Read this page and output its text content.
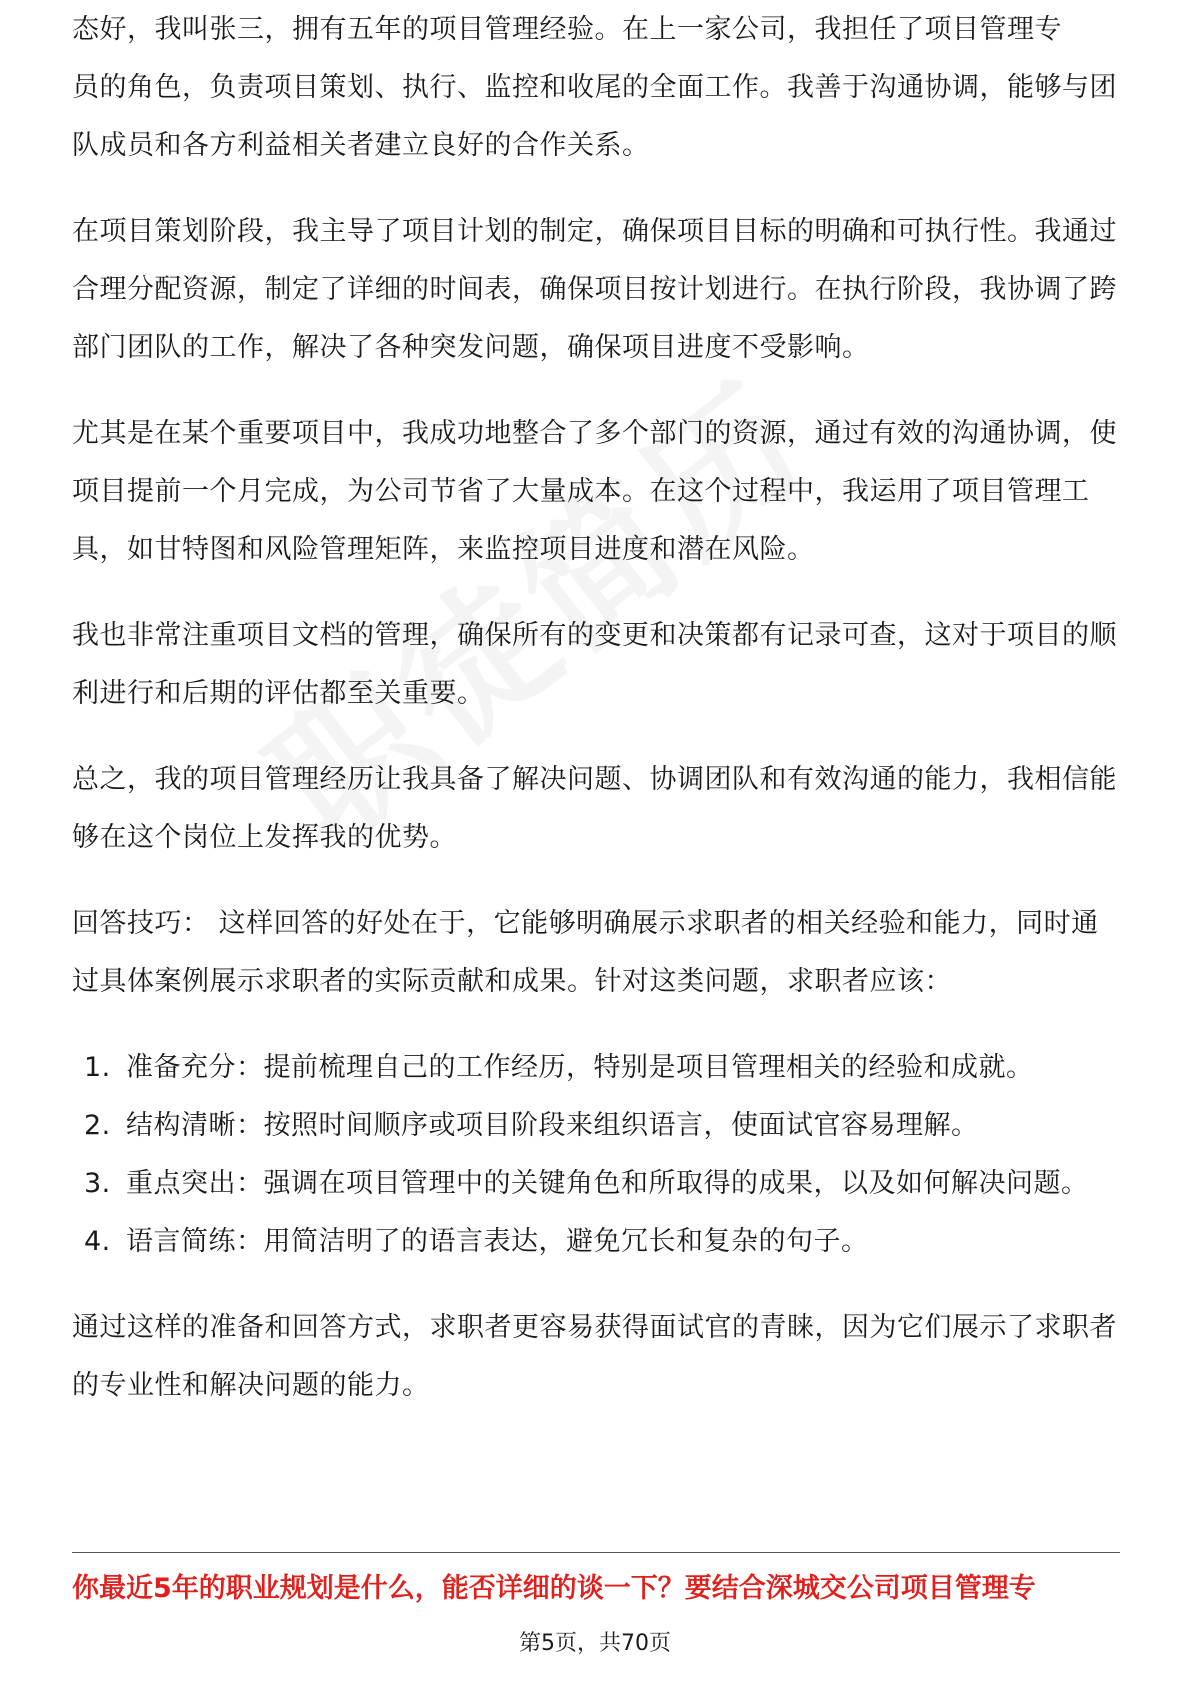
态好，我叫张三，拥有五年的项目管理经验。在上一家公司，我担任了项目管理专

员的角色，负责项目策划、执行、监控和收尾的全面工作。我善于沟通协调，能够与团队成员和各方利益相关者建立良好的合作关系。

在项目策划阶段，我主导了项目计划的制定，确保项目目标的明确和可执行性。我通过合理分配资源，制定了详细的时间表，确保项目按计划进行。在执行阶段，我协调了跨部门团队的工作，解决了各种突发问题，确保项目进度不受影响。

尤其是在某个重要项目中，我成功地整合了多个部门的资源，通过有效的沟通协调，使项目提前一个月完成，为公司节省了大量成本。在这个过程中，我运用了项目管理工具，如甘特图和风险管理矩阵，来监控项目进度和潜在风险。

我也非常注重项目文档的管理，确保所有的变更和决策都有记录可查，这对于项目的顺利进行和后期的评估都至关重要。

总之，我的项目管理经历让我具备了解决问题、协调团队和有效沟通的能力，我相信能够在这个岗位上发挥我的优势。

回答技巧： 这样回答的好处在于，它能够明确展示求职者的相关经验和能力，同时通过具体案例展示求职者的实际贡献和成果。针对这类问题，求职者应该：

1. 准备充分：提前梳理自己的工作经历，特别是项目管理相关的经验和成就。
2. 结构清晰：按照时间顺序或项目阶段来组织语言，使面试官容易理解。
3. 重点突出：强调在项目管理中的关键角色和所取得的成果，以及如何解决问题。
4. 语言简练：用简洁明了的语言表达，避免冗长和复杂的句子。

通过这样的准备和回答方式，求职者更容易获得面试官的青睐，因为它们展示了求职者的专业性和解决问题的能力。

你最近5年的职业规划是什么，能否详细的谈一下？要结合深城交公司项目管理专
第5页，共70页
